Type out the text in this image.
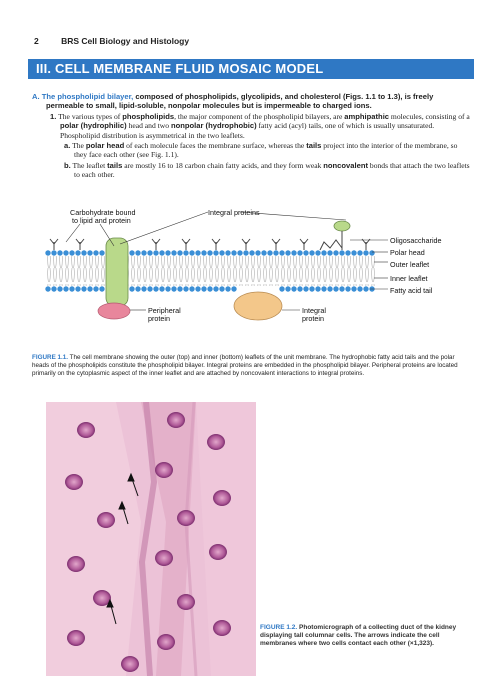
2	BRS Cell Biology and Histology
III. CELL MEMBRANE FLUID MOSAIC MODEL
A. The phospholipid bilayer, composed of phospholipids, glycolipids, and cholesterol (Figs. 1.1 to 1.3), is freely permeable to small, lipid-soluble, nonpolar molecules but is impermeable to charged ions.
1. The various types of phospholipids, the major component of the phospholipid bilayers, are amphipathic molecules, consisting of a polar (hydrophilic) head and two nonpolar (hydrophobic) fatty acid (acyl) tails, one of which is usually unsaturated. Phospholipid distribution is asymmetrical in the two leaflets.
a. The polar head of each molecule faces the membrane surface, whereas the tails project into the interior of the membrane, so they face each other (see Fig. 1.1).
b. The leaflet tails are mostly 16 to 18 carbon chain fatty acids, and they form weak noncovalent bonds that attach the two leaflets to each other.
Carbohydrate bound
to lipid and protein
Integral proteins
Oligosaccharide
Polar head
Outer leaflet
Inner leaflet
Fatty acid tail
Peripheral
protein
Integral
protein
FIGURE 1.1. The cell membrane showing the outer (top) and inner (bottom) leaflets of the unit membrane. The hydrophobic fatty acid tails and the polar heads of the phospholipids constitute the phospholipid bilayer. Integral proteins are embedded in the phospholipid bilayer. Peripheral proteins are located primarily on the cytoplasmic aspect of the inner leaflet and are attached by noncovalent interactions to integral proteins.
FIGURE 1.2. Photomicrograph of a collecting duct of the kidney displaying tall columnar cells. The arrows indicate the cell membranes where two cells contact each other (×1,323).
